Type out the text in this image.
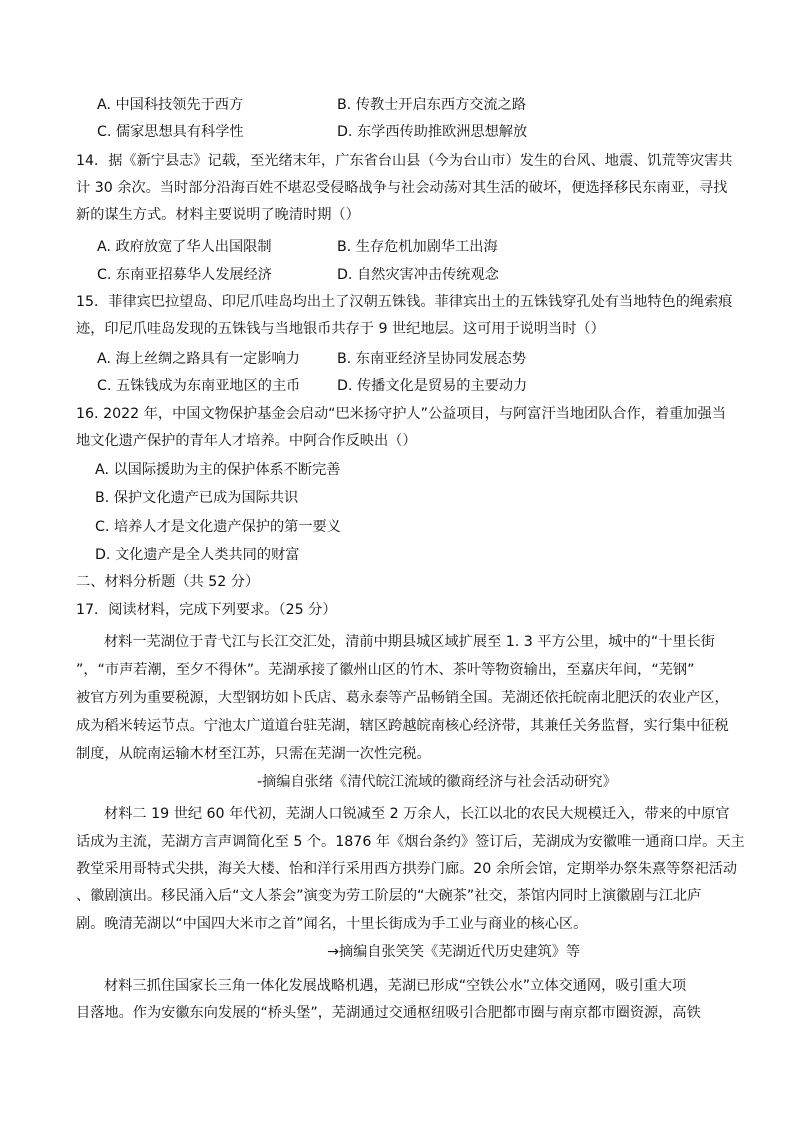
A. 中国科技领先于西方	B. 传教士开启东西方交流之路
C. 儒家思想具有科学性	D. 东学西传助推欧洲思想解放
14．据《新宁县志》记载，至光绪末年，广东省台山县（今为台山市）发生的台风、地震、饥荒等灾害共
计 30 余次。当时部分沿海百姓不堪忍受侵略战争与社会动荡对其生活的破坏，便选择移民东南亚，寻找
新的谋生方式。材料主要说明了晚清时期（）
A. 政府放宽了华人出国限制	B. 生存危机加剧华工出海
C. 东南亚招募华人发展经济	D. 自然灾害冲击传统观念
15．菲律宾巴拉望岛、印尼爪哇岛均出土了汉朝五铢钱。菲律宾出土的五铢钱穿孔处有当地特色的绳索痕
迹，印尼爪哇岛发现的五铢钱与当地银币共存于 9 世纪地层。这可用于说明当时（）
A. 海上丝绸之路具有一定影响力	B. 东南亚经济呈协同发展态势
C. 五铢钱成为东南亚地区的主币	D. 传播文化是贸易的主要动力
16. 2022 年，中国文物保护基金会启动“巴米扬守护人”公益项目，与阿富汗当地团队合作，着重加强当
地文化遗产保护的青年人才培养。中阿合作反映出（）
A. 以国际援助为主的保护体系不断完善
B. 保护文化遗产已成为国际共识
C. 培养人才是文化遗产保护的第一要义
D. 文化遗产是全人类共同的财富
二、材料分析题（共 52 分）
17．阅读材料，完成下列要求。（25 分）
材料一芜湖位于青弋江与长江交汇处，清前中期县城区域扩展至 1. 3 平方公里，城中的“十里长街
”，“市声若潮，至夕不得休”。芜湖承接了徽州山区的竹木、茶叶等物资输出，至嘉庆年间，“芜钢”
被官方列为重要税源，大型钢坊如卜氏店、葛永泰等产品畅销全国。芜湖还依托皖南北肥沃的农业产区，
成为稻米转运节点。宁池太广道道台驻芜湖，辖区跨越皖南核心经济带，其兼任关务监督，实行集中征税
制度，从皖南运输木材至江苏，只需在芜湖一次性完税。
-摘编自张绪《清代皖江流域的徽商经济与社会活动研究》
材料二 19 世纪 60 年代初，芜湖人口锐减至 2 万余人，长江以北的农民大规模迁入，带来的中原官
话成为主流，芜湖方言声调简化至 5 个。1876 年《烟台条约》签订后，芜湖成为安徽唯一通商口岸。天主
教堂采用哥特式尖拱，海关大楼、怡和洋行采用西方拱券门廊。20 余所会馆，定期举办祭朱熹等祭祀活动
、徽剧演出。移民涌入后“文人茶会”演变为劳工阶层的“大碗茶”社交，茶馆内同时上演徽剧与江北庐
剧。晚清芜湖以“中国四大米市之首”闻名，十里长街成为手工业与商业的核心区。
→摘编自张笑笑《芜湖近代历史建筑》等
材料三抓住国家长三角一体化发展战略机遇，芜湖已形成“空铁公水”立体交通网，吸引重大项
目落地。作为安徽东向发展的“桥头堡”，芜湖通过交通枢纽吸引合肥都市圈与南京都市圈资源，高铁
